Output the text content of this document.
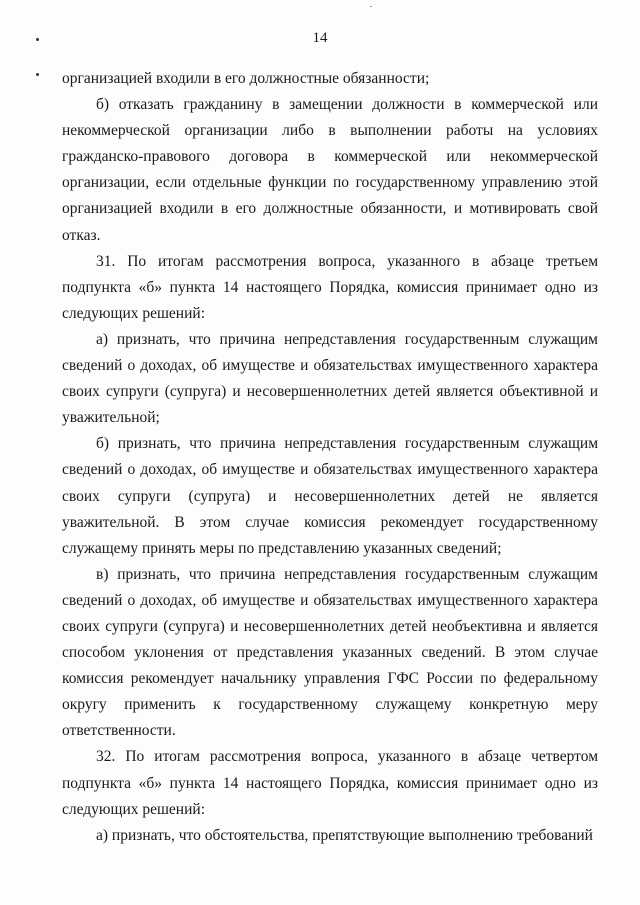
14

организацией входили в его должностные обязанности;

б) отказать гражданину в замещении должности в коммерческой или некоммерческой организации либо в выполнении работы на условиях гражданско-правового договора в коммерческой или некоммерческой организации, если отдельные функции по государственному управлению этой организацией входили в его должностные обязанности, и мотивировать свой отказ.

31. По итогам рассмотрения вопроса, указанного в абзаце третьем подпункта «б» пункта 14 настоящего Порядка, комиссия принимает одно из следующих решений:

а) признать, что причина непредставления государственным служащим сведений о доходах, об имуществе и обязательствах имущественного характера своих супруги (супруга) и несовершеннолетних детей является объективной и уважительной;

б) признать, что причина непредставления государственным служащим сведений о доходах, об имуществе и обязательствах имущественного характера своих супруги (супруга) и несовершеннолетних детей не является уважительной. В этом случае комиссия рекомендует государственному служащему принять меры по представлению указанных сведений;

в) признать, что причина непредставления государственным служащим сведений о доходах, об имуществе и обязательствах имущественного характера своих супруги (супруга) и несовершеннолетних детей необъективна и является способом уклонения от представления указанных сведений. В этом случае комиссия рекомендует начальнику управления ГФС России по федеральному округу применить к государственному служащему конкретную меру ответственности.

32. По итогам рассмотрения вопроса, указанного в абзаце четвертом подпункта «б» пункта 14 настоящего Порядка, комиссия принимает одно из следующих решений:

а) признать, что обстоятельства, препятствующие выполнению требований
